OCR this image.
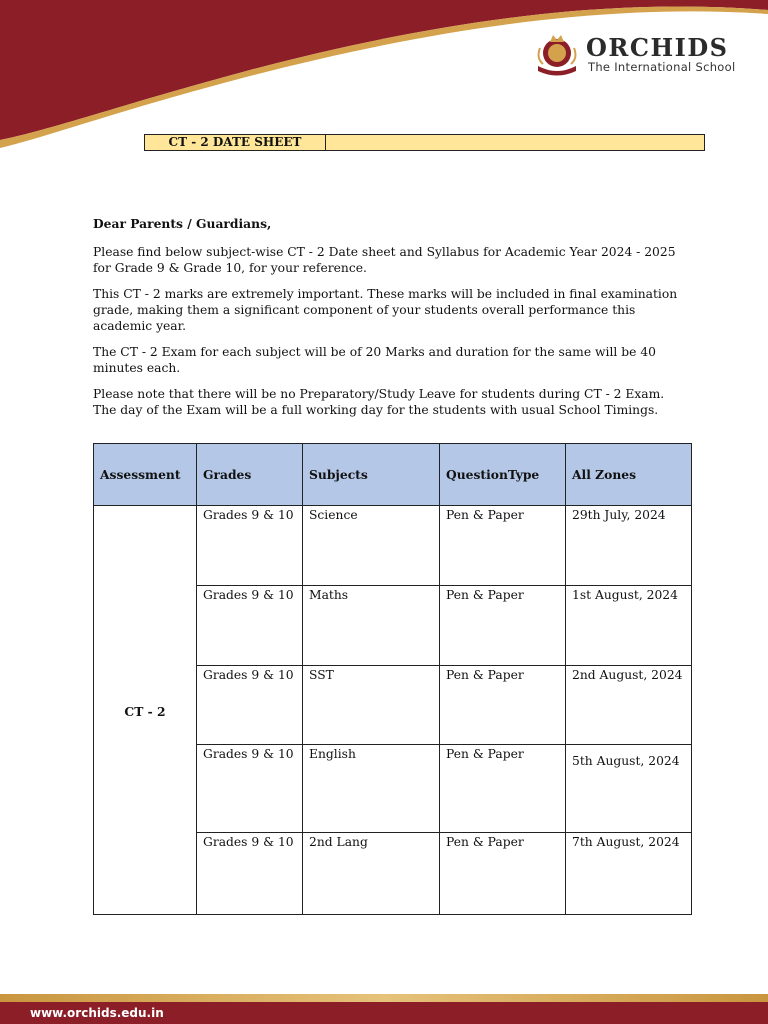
ORCHIDS
The International School
CT - 2 DATE SHEET

Dear Parents / Guardians,

Please find below subject-wise CT - 2 Date sheet and Syllabus for Academic Year 2024 - 2025 for Grade 9 & Grade 10, for your reference.

This CT - 2 marks are extremely important. These marks will be included in final examination grade, making them a significant component of your students overall performance this academic year.

The CT - 2 Exam for each subject will be of 20 Marks and duration for the same will be 40 minutes each.

Please note that there will be no Preparatory/Study Leave for students during CT - 2 Exam. The day of the Exam will be a full working day for the students with usual School Timings.

Assessment	Grades	Subjects	QuestionType	All Zones
CT - 2	Grades 9 & 10	Science	Pen & Paper	29th July, 2024
	Grades 9 & 10	Maths	Pen & Paper	1st August, 2024
	Grades 9 & 10	SST	Pen & Paper	2nd August, 2024
	Grades 9 & 10	English	Pen & Paper	5th August, 2024
	Grades 9 & 10	2nd Lang	Pen & Paper	7th August, 2024
www.orchids.edu.in
